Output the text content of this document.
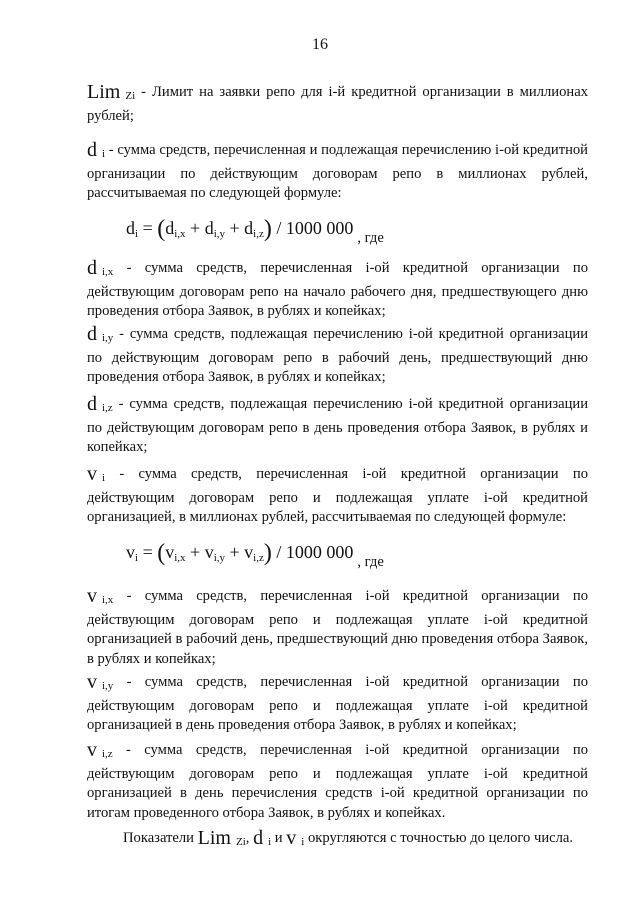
16

Lim $_{Zi}$ - Лимит на заявки репо для i-й кредитной организации в миллионах рублей;

d $_i$ - сумма средств, перечисленная и подлежащая перечислению i-ой кредитной организации по действующим договорам репо в миллионах рублей, рассчитываемая по следующей формуле:

di = (di,x + di,y + di,z) / 1000 000 $_{, где}$

d $_{i,x}$ - сумма средств, перечисленная i-ой кредитной организации по действующим договорам репо на начало рабочего дня, предшествующего дню проведения отбора Заявок, в рублях и копейках;

d $_{i,y}$ - сумма средств, подлежащая перечислению i-ой кредитной организации по действующим договорам репо в рабочий день, предшествующий дню проведения отбора Заявок, в рублях и копейках;

d $_{i,z}$ - сумма средств, подлежащая перечислению i-ой кредитной организации по действующим договорам репо в день проведения отбора Заявок, в рублях и копейках;

v $_i$ - сумма средств, перечисленная i-ой кредитной организации по действующим договорам репо и подлежащая уплате i-ой кредитной организацией, в миллионах рублей, рассчитываемая по следующей формуле:

vi = (vi,x + vi,y + vi,z) / 1000 000 $_{, где}$

v $_{i,x}$ - сумма средств, перечисленная i-ой кредитной организации по действующим договорам репо и подлежащая уплате i-ой кредитной организацией в рабочий день, предшествующий дню проведения отбора Заявок, в рублях и копейках;

v $_{i,y}$ - сумма средств, перечисленная i-ой кредитной организации по действующим договорам репо и подлежащая уплате i-ой кредитной организацией в день проведения отбора Заявок, в рублях и копейках;

v $_{i,z}$ - сумма средств, перечисленная i-ой кредитной организации по действующим договорам репо и подлежащая уплате i-ой кредитной организацией в день перечисления средств i-ой кредитной организации по итогам проведенного отбора Заявок, в рублях и копейках.

Показатели Lim $_{Zi}$, d $_i$ и v $_i$ округляются с точностью до целого числа.
